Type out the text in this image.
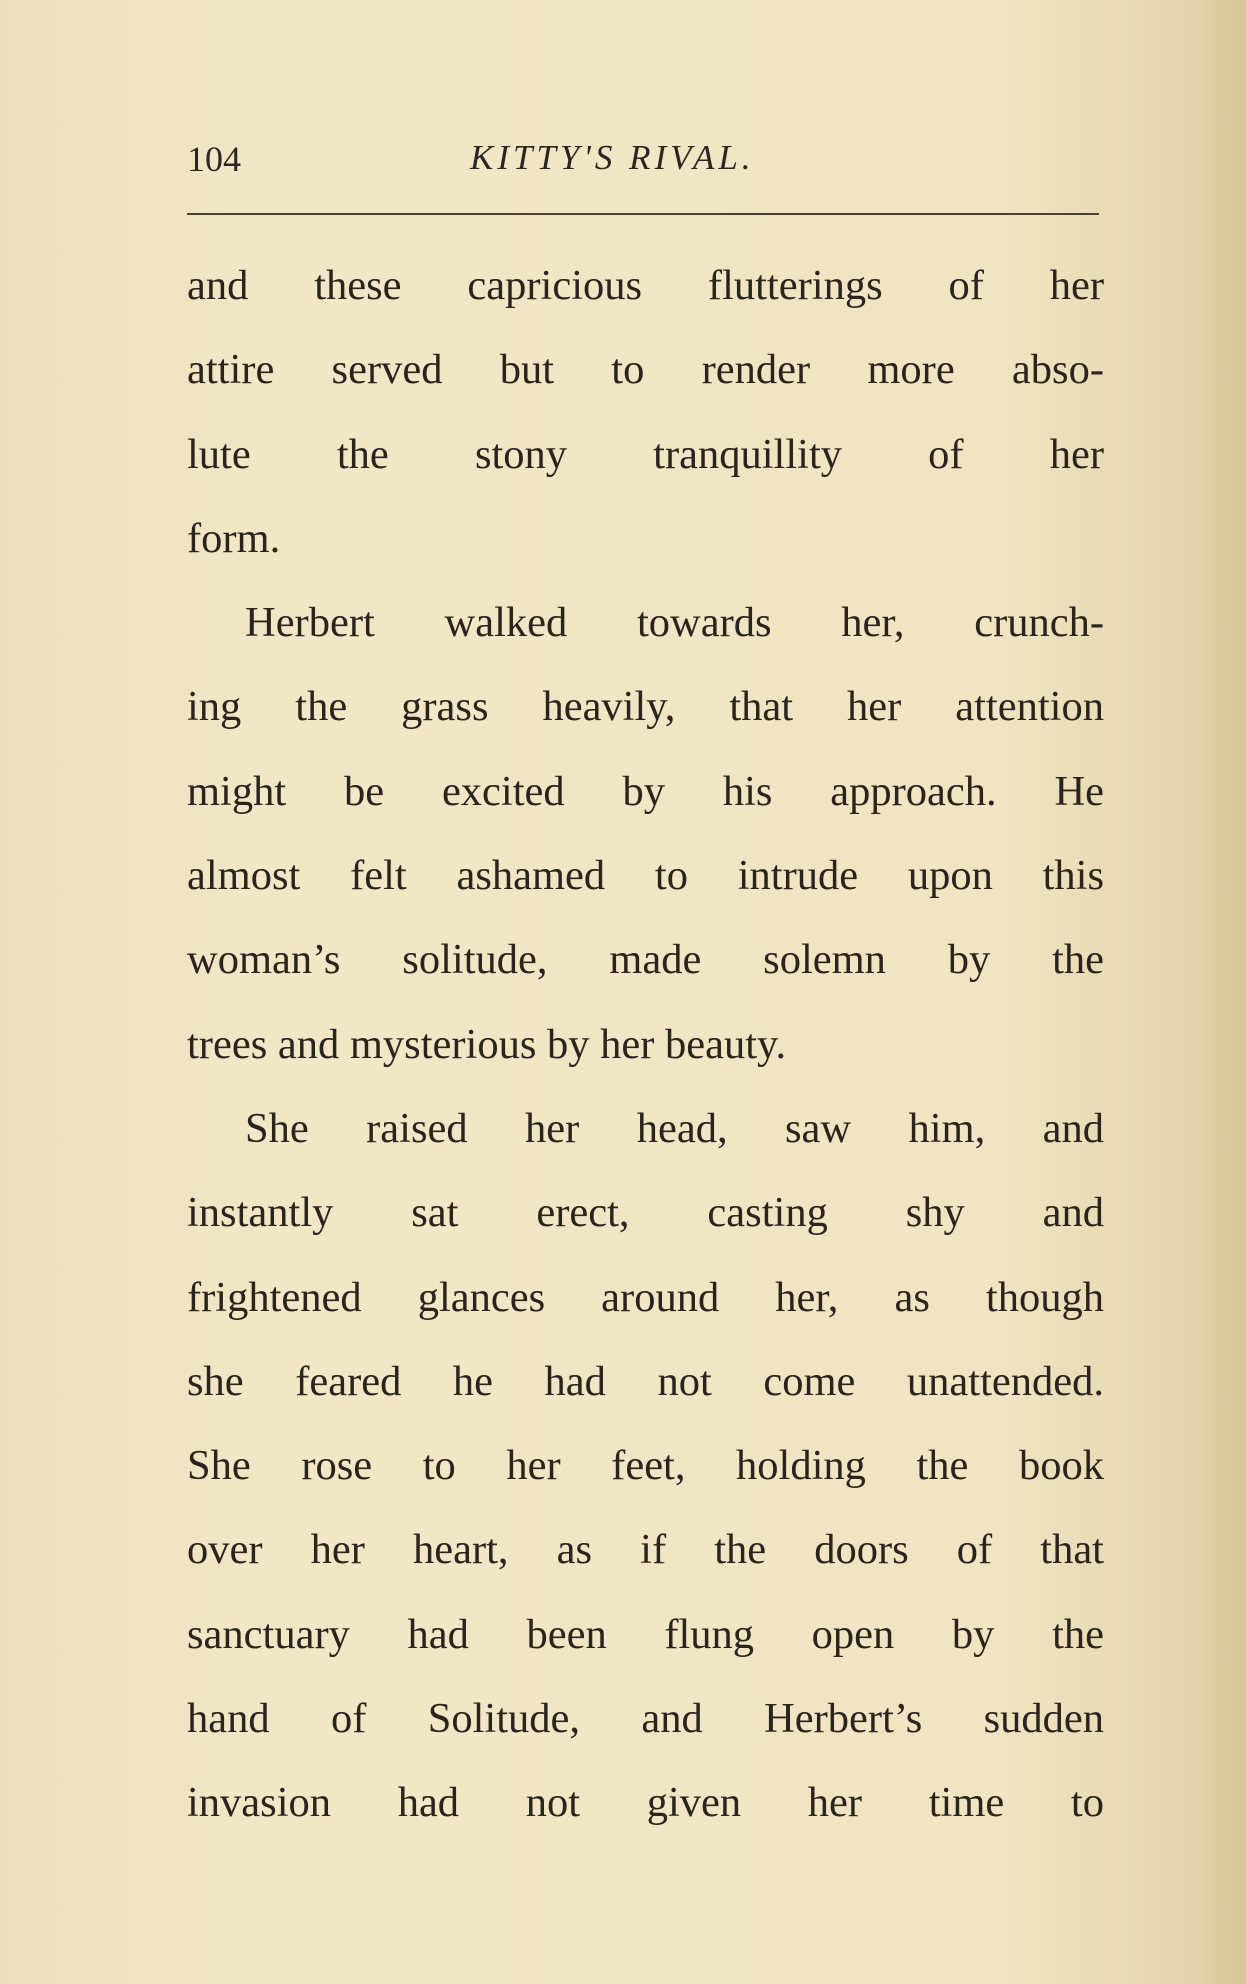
104	KITTY'S RIVAL.
and these capricious flutterings of her
attire served but to render more abso-
lute the stony tranquillity of her
form.
Herbert walked towards her, crunch-
ing the grass heavily, that her attention
might be excited by his approach. He
almost felt ashamed to intrude upon this
woman’s solitude, made solemn by the
trees and mysterious by her beauty.
She raised her head, saw him, and
instantly sat erect, casting shy and
frightened glances around her, as though
she feared he had not come unattended.
She rose to her feet, holding the book
over her heart, as if the doors of that
sanctuary had been flung open by the
hand of Solitude, and Herbert’s sudden
invasion had not given her time to
